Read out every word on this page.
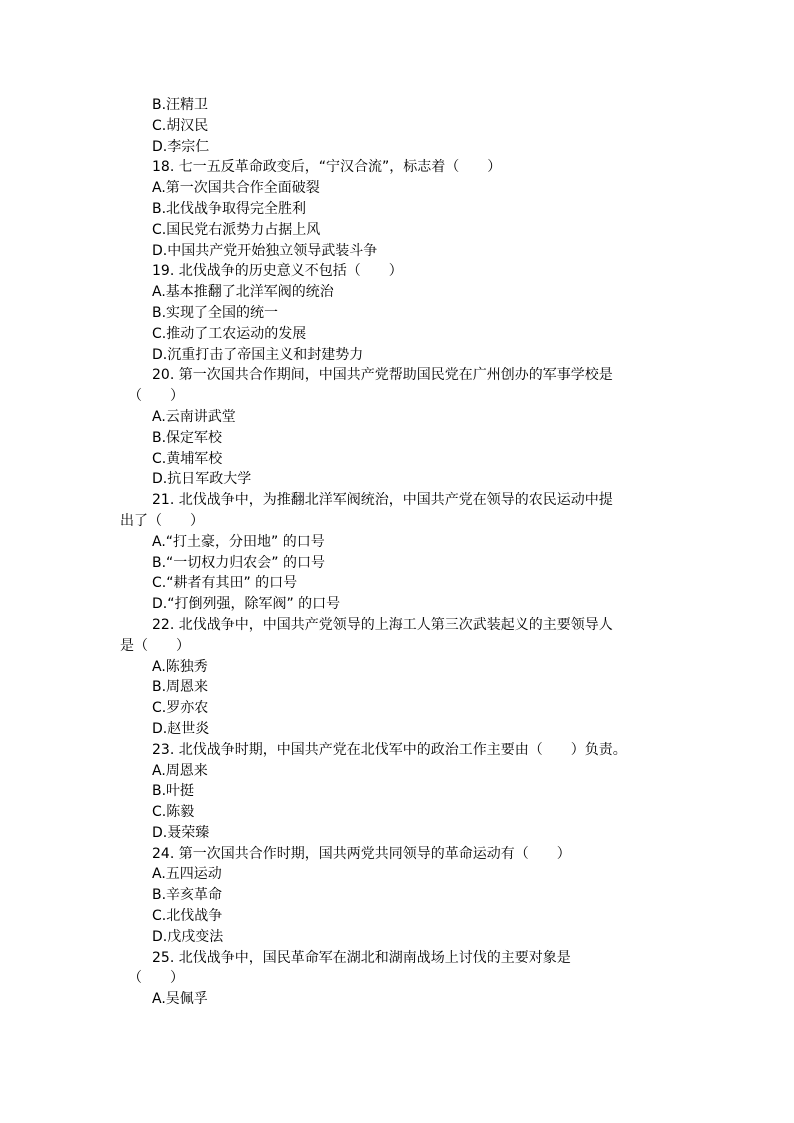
B.汪精卫
C.胡汉民
D.李宗仁
18. 七一五反革命政变后，“宁汉合流”，标志着（　　）
A.第一次国共合作全面破裂
B.北伐战争取得完全胜利
C.国民党右派势力占据上风
D.中国共产党开始独立领导武装斗争
19. 北伐战争的历史意义不包括（　　）
A.基本推翻了北洋军阀的统治
B.实现了全国的统一
C.推动了工农运动的发展
D.沉重打击了帝国主义和封建势力
20. 第一次国共合作期间，中国共产党帮助国民党在广州创办的军事学校是
（　　）
A.云南讲武堂
B.保定军校
C.黄埔军校
D.抗日军政大学
21. 北伐战争中，为推翻北洋军阀统治，中国共产党在领导的农民运动中提
出了（　　）
A.“打土豪，分田地” 的口号
B.“一切权力归农会” 的口号
C.“耕者有其田” 的口号
D.“打倒列强，除军阀” 的口号
22. 北伐战争中，中国共产党领导的上海工人第三次武装起义的主要领导人
是（　　）
A.陈独秀
B.周恩来
C.罗亦农
D.赵世炎
23. 北伐战争时期，中国共产党在北伐军中的政治工作主要由（　　）负责。
A.周恩来
B.叶挺
C.陈毅
D.聂荣臻
24. 第一次国共合作时期，国共两党共同领导的革命运动有（　　）
A.五四运动
B.辛亥革命
C.北伐战争
D.戊戌变法
25. 北伐战争中，国民革命军在湖北和湖南战场上讨伐的主要对象是
（　　）
A.吴佩孚
